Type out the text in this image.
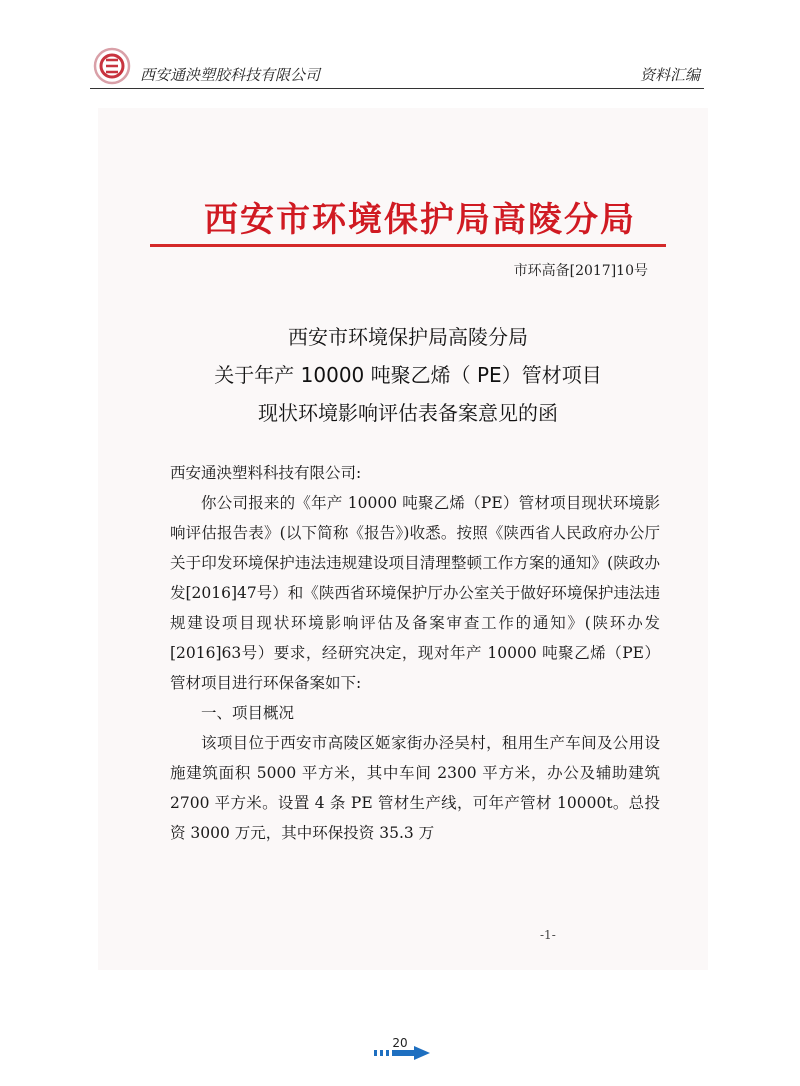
西安通泱塑胶科技有限公司	资料汇编
西安市环境保护局高陵分局
市环高备[2017]10号
西安市环境保护局高陵分局
关于年产 10000 吨聚乙烯（ PE）管材项目
现状环境影响评估表备案意见的函

西安通泱塑料科技有限公司:

你公司报来的《年产 10000 吨聚乙烯（PE）管材项目现状环境影响评估报告表》(以下简称《报告》)收悉。按照《陕西省人民政府办公厅关于印发环境保护违法违规建设项目清理整顿工作方案的通知》(陕政办发[2016]47号）和《陕西省环境保护厅办公室关于做好环境保护违法违规建设项目现状环境影响评估及备案审查工作的通知》(陕环办发[2016]63号）要求，经研究决定，现对年产 10000 吨聚乙烯（PE）管材项目进行环保备案如下:

一、项目概况

该项目位于西安市高陵区姬家街办泾吴村，租用生产车间及公用设施建筑面积 5000 平方米，其中车间 2300 平方米，办公及辅助建筑 2700 平方米。设置 4 条 PE 管材生产线，可年产管材 10000t。总投资 3000 万元，其中环保投资 35.3 万

-1-
20
